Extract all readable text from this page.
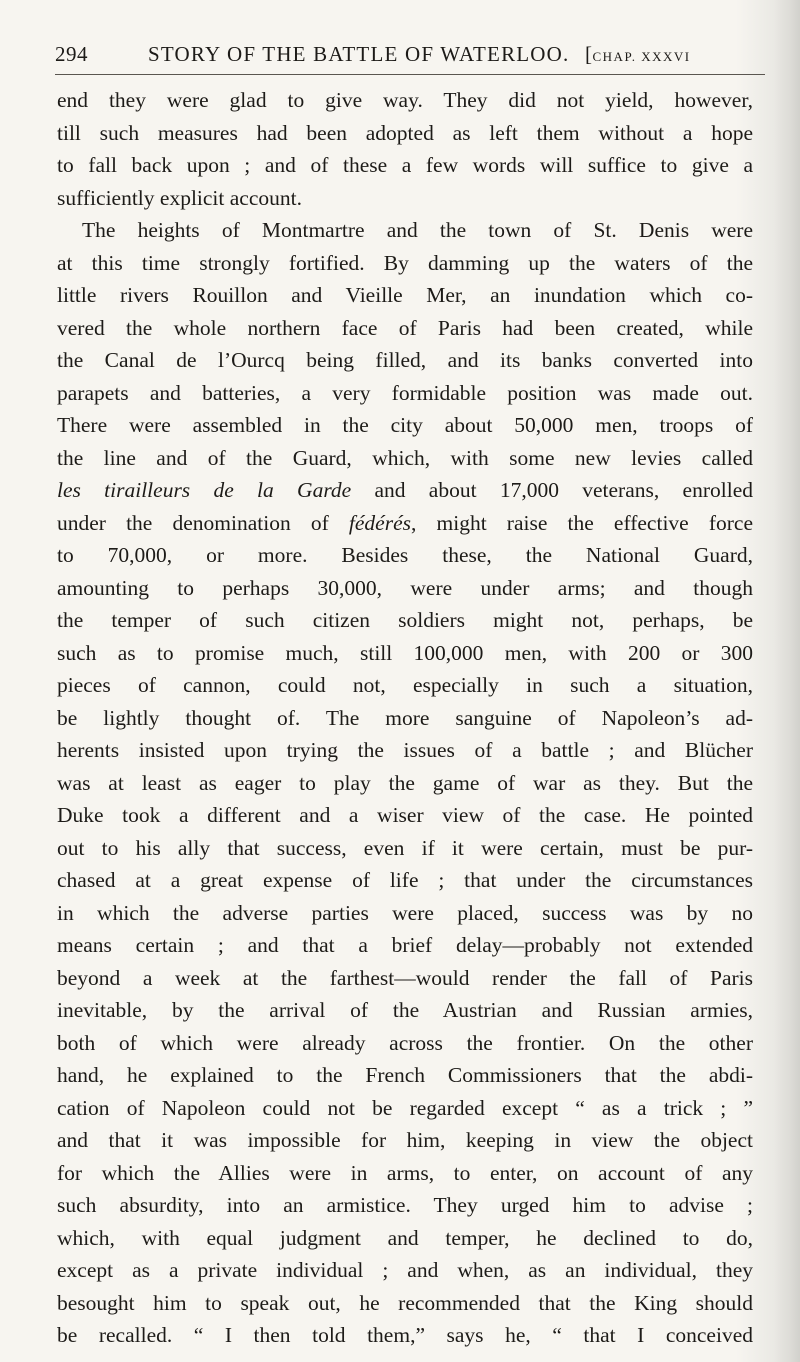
294	STORY OF THE BATTLE OF WATERLOO. [CHAP. XXXVI
end they were glad to give way. They did not yield, however,
till such measures had been adopted as left them without a hope
to fall back upon ; and of these a few words will suffice to give a
sufficiently explicit account.
The heights of Montmartre and the town of St. Denis were
at this time strongly fortified. By damming up the waters of the
little rivers Rouillon and Vieille Mer, an inundation which co-
vered the whole northern face of Paris had been created, while
the Canal de l’Ourcq being filled, and its banks converted into
parapets and batteries, a very formidable position was made out.
There were assembled in the city about 50,000 men, troops of
the line and of the Guard, which, with some new levies called
les tirailleurs de la Garde and about 17,000 veterans, enrolled
under the denomination of fédérés, might raise the effective force
to 70,000, or more. Besides these, the National Guard,
amounting to perhaps 30,000, were under arms; and though
the temper of such citizen soldiers might not, perhaps, be
such as to promise much, still 100,000 men, with 200 or 300
pieces of cannon, could not, especially in such a situation,
be lightly thought of. The more sanguine of Napoleon’s ad-
herents insisted upon trying the issues of a battle ; and Blücher
was at least as eager to play the game of war as they. But the
Duke took a different and a wiser view of the case. He pointed
out to his ally that success, even if it were certain, must be pur-
chased at a great expense of life ; that under the circumstances
in which the adverse parties were placed, success was by no
means certain ; and that a brief delay—probably not extended
beyond a week at the farthest—would render the fall of Paris
inevitable, by the arrival of the Austrian and Russian armies,
both of which were already across the frontier. On the other
hand, he explained to the French Commissioners that the abdi-
cation of Napoleon could not be regarded except “ as a trick ; ”
and that it was impossible for him, keeping in view the object
for which the Allies were in arms, to enter, on account of any
such absurdity, into an armistice. They urged him to advise ;
which, with equal judgment and temper, he declined to do,
except as a private individual ; and when, as an individual, they
besought him to speak out, he recommended that the King should
be recalled. “ I then told them,” says he, “ that I conceived
